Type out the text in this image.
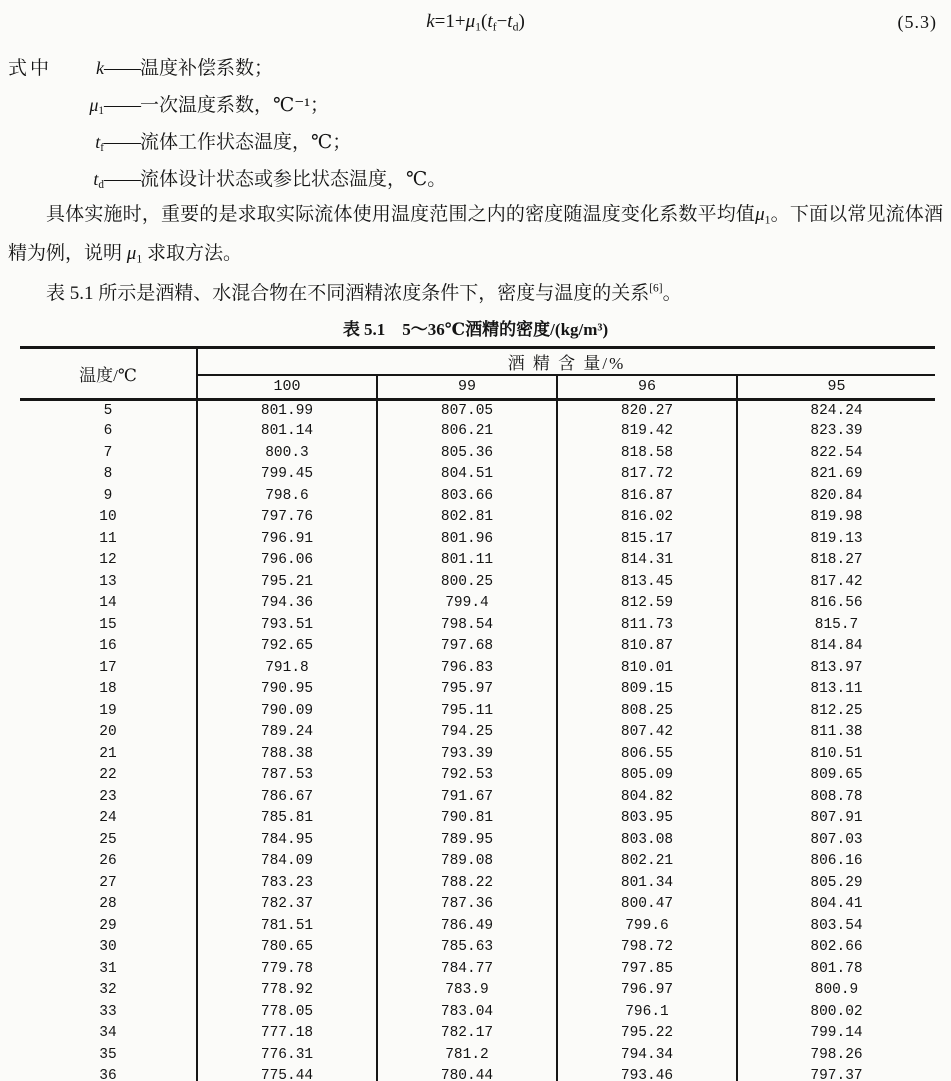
$k=1+\mu_1(t_f-t_d)$	(5.3)
式中 k——温度补偿系数；
$\mu_1——$一次温度系数，℃⁻¹；
$t_f——$流体工作状态温度，℃；
$t_d——$流体设计状态或参比状态温度，℃。

具体实施时，重要的是求取实际流体使用温度范围之内的密度随温度变化系数平均值$\mu_1$。下面以常见流体酒精为例，说明 $\mu_1$ 求取方法。

表 5.1 所示是酒精、水混合物在不同酒精浓度条件下，密度与温度的关系[6]。

表 5.1　5～36℃酒精的密度/(kg/m³)
温度/℃	酒 精 含 量/%			
	100	99	96	95
5	801.99	807.05	820.27	824.24
6	801.14	806.21	819.42	823.39
7	800.3	805.36	818.58	822.54
8	799.45	804.51	817.72	821.69
9	798.6	803.66	816.87	820.84
10	797.76	802.81	816.02	819.98
11	796.91	801.96	815.17	819.13
12	796.06	801.11	814.31	818.27
13	795.21	800.25	813.45	817.42
14	794.36	799.4	812.59	816.56
15	793.51	798.54	811.73	815.7
16	792.65	797.68	810.87	814.84
17	791.8	796.83	810.01	813.97
18	790.95	795.97	809.15	813.11
19	790.09	795.11	808.25	812.25
20	789.24	794.25	807.42	811.38
21	788.38	793.39	806.55	810.51
22	787.53	792.53	805.09	809.65
23	786.67	791.67	804.82	808.78
24	785.81	790.81	803.95	807.91
25	784.95	789.95	803.08	807.03
26	784.09	789.08	802.21	806.16
27	783.23	788.22	801.34	805.29
28	782.37	787.36	800.47	804.41
29	781.51	786.49	799.6	803.54
30	780.65	785.63	798.72	802.66
31	779.78	784.77	797.85	801.78
32	778.92	783.9	796.97	800.9
33	778.05	783.04	796.1	800.02
34	777.18	782.17	795.22	799.14
35	776.31	781.2	794.34	798.26
36	775.44	780.44	793.46	797.37
